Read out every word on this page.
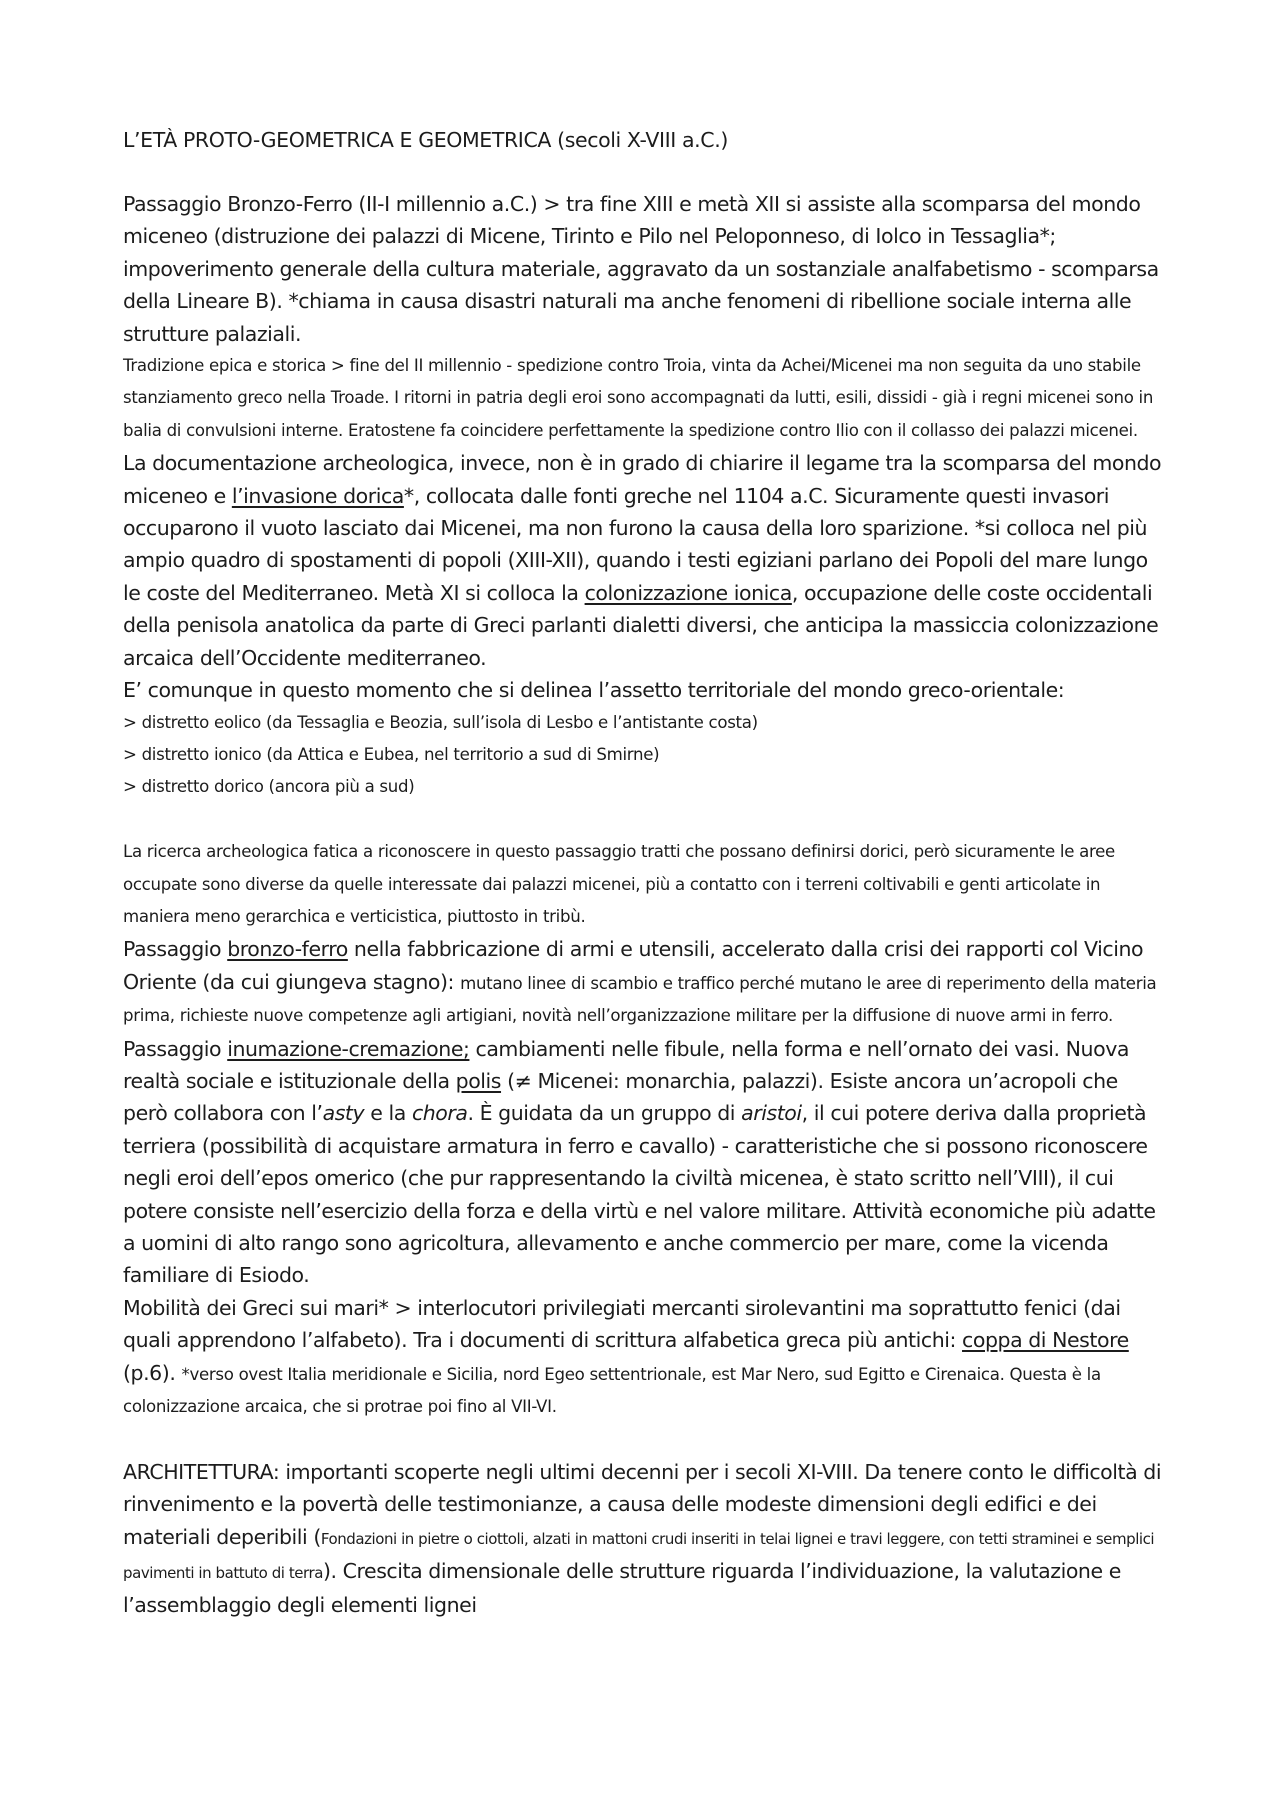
L’ETÀ PROTO-GEOMETRICA E GEOMETRICA (secoli X-VIII a.C.)

Passaggio Bronzo-Ferro (II-I millennio a.C.) > tra fine XIII e metà XII si assiste alla scomparsa del mondo miceneo (distruzione dei palazzi di Micene, Tirinto e Pilo nel Peloponneso, di Iolco in Tessaglia*; impoverimento generale della cultura materiale, aggravato da un sostanziale analfabetismo - scomparsa della Lineare B). *chiama in causa disastri naturali ma anche fenomeni di ribellione sociale interna alle strutture palaziali.

Tradizione epica e storica > fine del II millennio - spedizione contro Troia, vinta da Achei/Micenei ma non seguita da uno stabile stanziamento greco nella Troade. I ritorni in patria degli eroi sono accompagnati da lutti, esili, dissidi - già i regni micenei sono in balia di convulsioni interne. Eratostene fa coincidere perfettamente la spedizione contro Ilio con il collasso dei palazzi micenei.

La documentazione archeologica, invece, non è in grado di chiarire il legame tra la scomparsa del mondo miceneo e l’invasione dorica*, collocata dalle fonti greche nel 1104 a.C. Sicuramente questi invasori occuparono il vuoto lasciato dai Micenei, ma non furono la causa della loro sparizione. *si colloca nel più ampio quadro di spostamenti di popoli (XIII-XII), quando i testi egiziani parlano dei Popoli del mare lungo le coste del Mediterraneo. Metà XI si colloca la colonizzazione ionica, occupazione delle coste occidentali della penisola anatolica da parte di Greci parlanti dialetti diversi, che anticipa la massiccia colonizzazione arcaica dell’Occidente mediterraneo.

E’ comunque in questo momento che si delinea l’assetto territoriale del mondo greco-orientale:

> distretto eolico (da Tessaglia e Beozia, sull’isola di Lesbo e l’antistante costa)

> distretto ionico (da Attica e Eubea, nel territorio a sud di Smirne)

> distretto dorico (ancora più a sud)

La ricerca archeologica fatica a riconoscere in questo passaggio tratti che possano definirsi dorici, però sicuramente le aree occupate sono diverse da quelle interessate dai palazzi micenei, più a contatto con i terreni coltivabili e genti articolate in maniera meno gerarchica e verticistica, piuttosto in tribù.

Passaggio bronzo-ferro nella fabbricazione di armi e utensili, accelerato dalla crisi dei rapporti col Vicino Oriente (da cui giungeva stagno): mutano linee di scambio e traffico perché mutano le aree di reperimento della materia prima, richieste nuove competenze agli artigiani, novità nell’organizzazione militare per la diffusione di nuove armi in ferro.

Passaggio inumazione-cremazione; cambiamenti nelle fibule, nella forma e nell’ornato dei vasi. Nuova realtà sociale e istituzionale della polis (≠ Micenei: monarchia, palazzi). Esiste ancora un’acropoli che però collabora con l’asty e la chora. È guidata da un gruppo di aristoi, il cui potere deriva dalla proprietà terriera (possibilità di acquistare armatura in ferro e cavallo) - caratteristiche che si possono riconoscere negli eroi dell’epos omerico (che pur rappresentando la civiltà micenea, è stato scritto nell’VIII), il cui potere consiste nell’esercizio della forza e della virtù e nel valore militare. Attività economiche più adatte a uomini di alto rango sono agricoltura, allevamento e anche commercio per mare, come la vicenda familiare di Esiodo.

Mobilità dei Greci sui mari* > interlocutori privilegiati mercanti sirolevantini ma soprattutto fenici (dai quali apprendono l’alfabeto). Tra i documenti di scrittura alfabetica greca più antichi: coppa di Nestore (p.6). *verso ovest Italia meridionale e Sicilia, nord Egeo settentrionale, est Mar Nero, sud Egitto e Cirenaica. Questa è la colonizzazione arcaica, che si protrae poi fino al VII-VI.

ARCHITETTURA: importanti scoperte negli ultimi decenni per i secoli XI-VIII. Da tenere conto le difficoltà di rinvenimento e la povertà delle testimonianze, a causa delle modeste dimensioni degli edifici e dei materiali deperibili (Fondazioni in pietre o ciottoli, alzati in mattoni crudi inseriti in telai lignei e travi leggere, con tetti straminei e semplici pavimenti in battuto di terra). Crescita dimensionale delle strutture riguarda l’individuazione, la valutazione e l’assemblaggio degli elementi lignei
